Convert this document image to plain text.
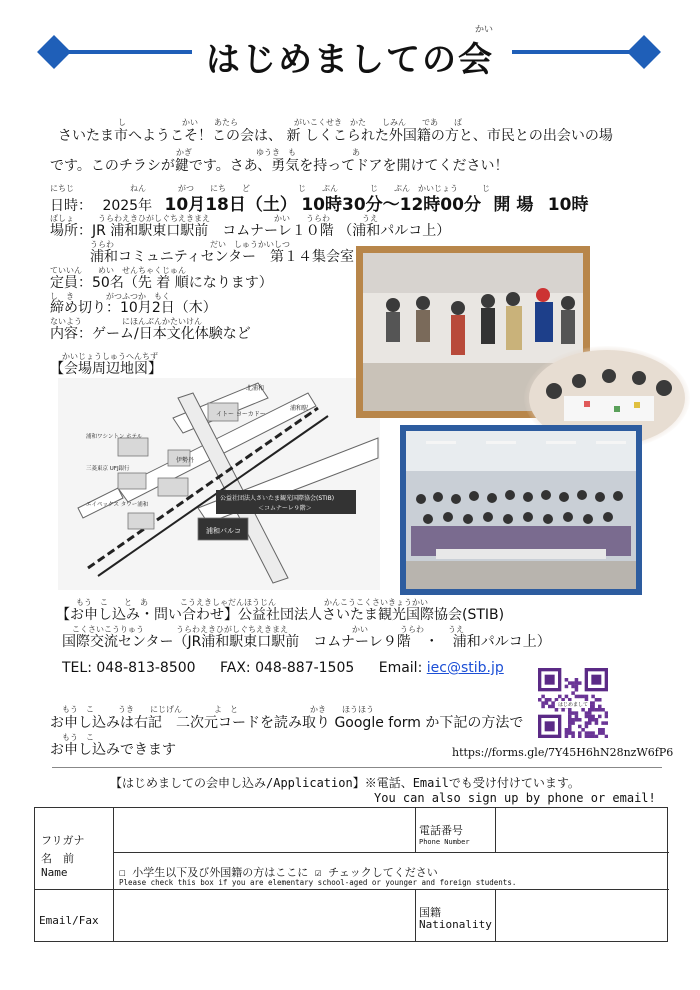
かい
はじめましての会
し　　　　　　　かい　　あたら　　　　　　　がいこくせき　かた　　しみん　　であ　　ば
さいたま市へようこそ！この会は、 新 しくこられた外国籍の方と、市民との出会いの場
かぎ　　　　　　　　ゆうき　も　　　　　　　あ
です。このチラシが鍵です。さあ、勇気を持ってドアを開けてください！
にちじ　　　　　　　ねん　　　　がつ　　にち　　ど　　　　　　じ　　ぷん　　　　じ　　ぷん　かいじょう　　　じ
日時： 2025年 10月18日（土） 10時30分〜12時00分 開 場 10時
ばしょ　　　うらわえきひがしぐちえきまえ　　　　　　　　かい　　うらわ　　　　うえ
場所：JR 浦和駅東口駅前　コムナーレ１０階 （浦和パルコ上）
うらわ　　　　　　　　　　　　だい　しゅうかいしつ
浦和コミュニティセンター　第１４集会室
ていいん　　めい　せんちゃくじゅん
定員：50名（先 着 順になります）
し　き　　　　がつふつか　もく
締め切り：10月2日（木）
ないよう　　　　　にほんぶんかたいけん
内容：ゲーム/日本文化体験など
かいじょうしゅうへんちず
【会場周辺地図】
公益社団法人さいたま観光国際協会(STIB)
＜コムナーレ９階＞
浦和パルコ
北浦和
イトー ヨーカドー
浦和駅
浦和ワシントン ホテル
伊勢丹
三菱東京 UFJ銀行
エイペックス タワー浦和
もう　こ　　と　あ　　　　こうえきしゃだんほうじん　　　　　　かんこうこくさいきょうかい
【お申し込み・問い合わせ】公益社団法人さいたま観光国際協会(STIB)
こくさいこうりゅう　　　　うらわえきひがしぐちえきまえ　　　　　　　　かい　　　　うらわ　　　うえ
国際交流センター（JR浦和駅東口駅前　コムナーレ９階　・　浦和パルコ上）
TEL: 048-813-8500 FAX: 048-887-1505 Email: iec@stib.jp
もう　こ　　　うき　　にじげん　　　　よ　と　　　　　　　　　かき　　ほうほう
お申し込みは右記　二次元コードを読み取り Google form か下記の方法で
もう　こ
お申し込みできます
はじめまして
https://forms.gle/7Y45H6hN28nzW6fP6
【はじめましての会申し込み/Application】※電話、Emailでも受け付けています。
You can also sign up by phone or email!
フリガナ
名　前
Name
電話番号
Phone Number
☐ 小学生以下及び外国籍の方はここに ☑ チェックしてください
Please check this box if you are elementary school-aged or younger and foreign students.
Email/Fax
国籍
Nationality
